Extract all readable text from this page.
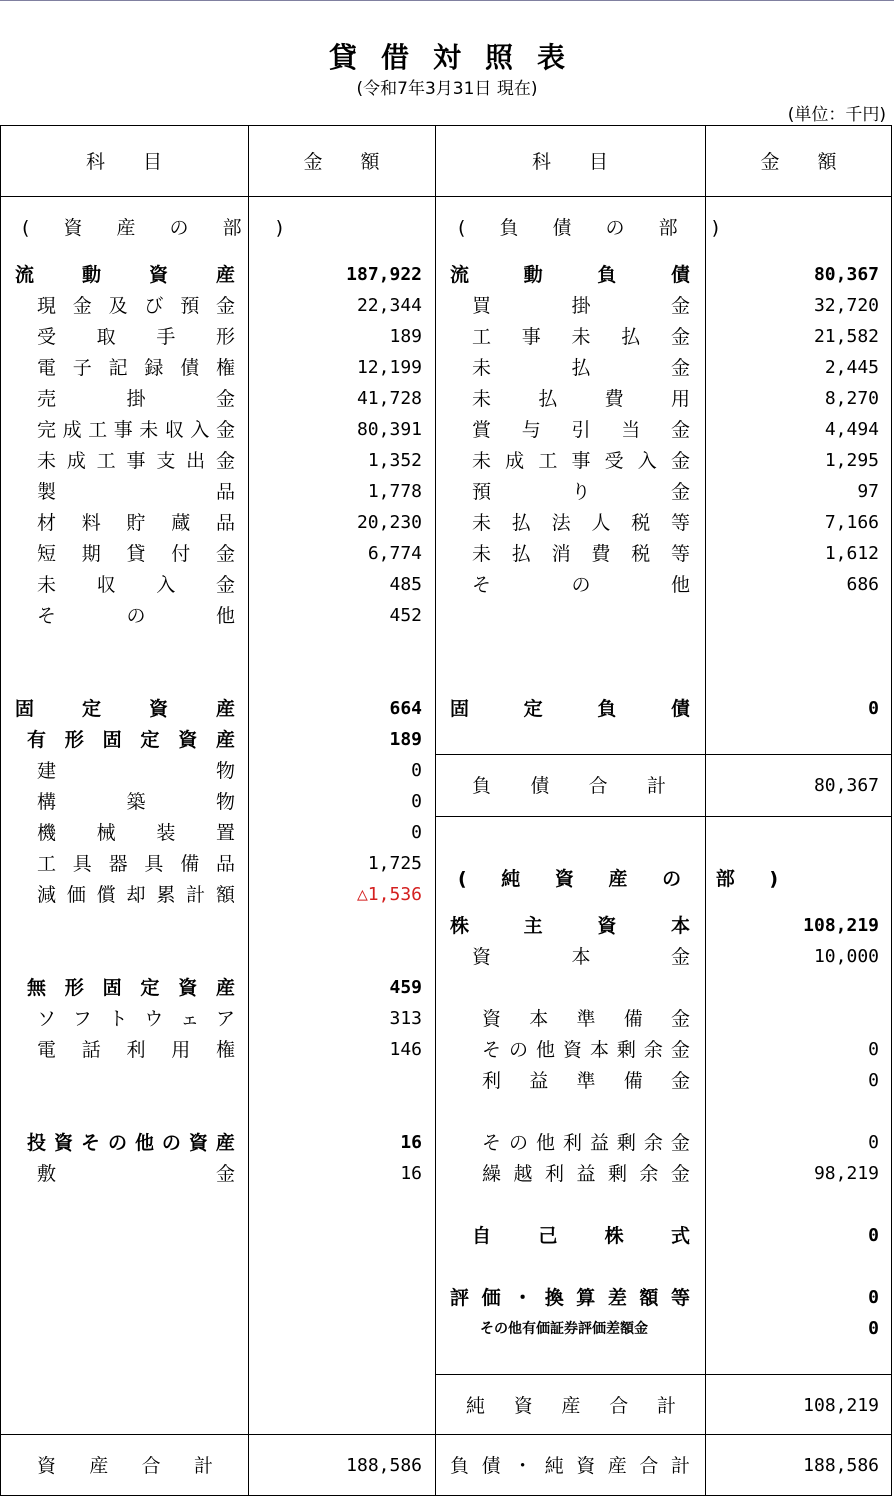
貸借対照表
(令和7年3月31日 現在)
(単位：千円)
科目	金額	科目	金額
( 資 産 の 部 )
流	動	資	産	187,922
現 金 及 び 預 金	22,344
受 取 手 形	189
電 子 記 録 債 権	12,199
売	掛	金	41,728
完 成 工 事 未 収 入 金	80,391
未 成 工 事 支 出 金	1,352
製	品	1,778
材 料 貯 蔵 品	20,230
短 期 貸 付 金	6,774
未 収 入 金	485
そ	の	他	452
固	定	資	産	664
有 形 固 定 資 産	189
建	物	0
構	築	物	0
機 械 装 置	0
工 具 器 具 備 品	1,725
減 価 償 却 累 計 額	△1,536
無 形 固 定 資 産	459
ソ フ ト ウ ェ ア	313
電 話 利 用 権	146
投 資 そ の 他 の 資 産	16
敷	金	16
資 産 合 計	188,586
( 負 債 の 部 )
流	動	負	債	80,367
買	掛	金	32,720
工 事 未 払 金	21,582
未	払	金	2,445
未 払 費 用	8,270
賞 与 引 当 金	4,494
未 成 工 事 受 入 金	1,295
預	り	金	97
未 払 法 人 税 等	7,166
未 払 消 費 税 等	1,612
そ	の	他	686
固	定	負	債	0
負 債 合 計	80,367
( 純 資 産 の 部 )
株	主	資	本	108,219
資	本	金	10,000
資 本 準 備 金
そ の 他 資 本 剰 余 金	0
利 益 準 備 金	0
そ の 他 利 益 剰 余 金	0
繰 越 利 益 剰 余 金	98,219
自 己 株 式	0
評 価 ・ 換 算 差 額 等	0
その他有価証券評価差額金	0
純 資 産 合 計	108,219
負 債 ・ 純 資 産 合 計	188,586
